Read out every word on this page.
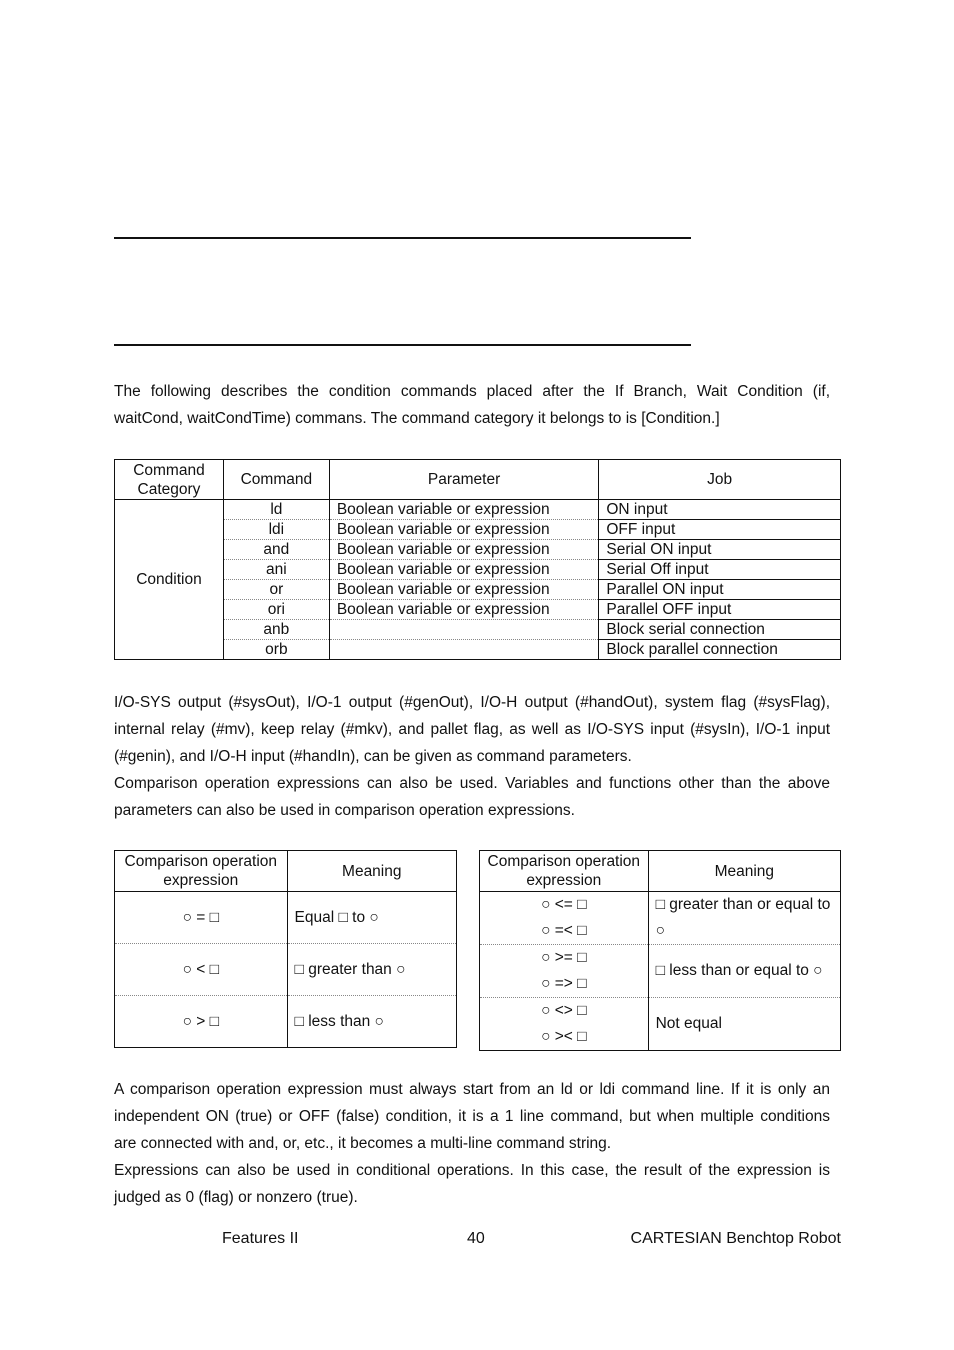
The following describes the condition commands placed after the If Branch, Wait Condition (if,
waitCond, waitCondTime) commans. The command category it belongs to is [Condition.]
Command Category	Command	Parameter	Job
Condition	ld	Boolean variable or expression	ON input
	ldi	Boolean variable or expression	OFF input
	and	Boolean variable or expression	Serial ON input
	ani	Boolean variable or expression	Serial Off input
	or	Boolean variable or expression	Parallel ON input
	ori	Boolean variable or expression	Parallel OFF input
	anb		Block serial connection
	orb		Block parallel connection
I/O-SYS output (#sysOut), I/O-1 output (#genOut), I/O-H output (#handOut), system flag (#sysFlag),
internal relay (#mv), keep relay (#mkv), and pallet flag, as well as I/O-SYS input (#sysIn), I/O-1 input
(#genin), and I/O-H input (#handIn), can be given as command parameters.
Comparison operation expressions can also be used. Variables and functions other than the above
parameters can also be used in comparison operation expressions.
Comparison operation expression	Meaning

○ = □	Equal □ to ○

○ < □	□ greater than ○

○ > □	□ less than ○
Comparison operation expression	Meaning

○ <= □
○ =< □	□ greater than or equal to ○

○ >= □
○ => □	□ less than or equal to ○

○ <> □
○ >< □	Not equal
A comparison operation expression must always start from an ld or ldi command line. If it is only an
independent ON (true) or OFF (false) condition, it is a 1 line command, but when multiple conditions
are connected with and, or, etc., it becomes a multi-line command string.
Expressions can also be used in conditional operations. In this case, the result of the expression is
judged as 0 (flag) or nonzero (true).
Features II	40	CARTESIAN Benchtop Robot
